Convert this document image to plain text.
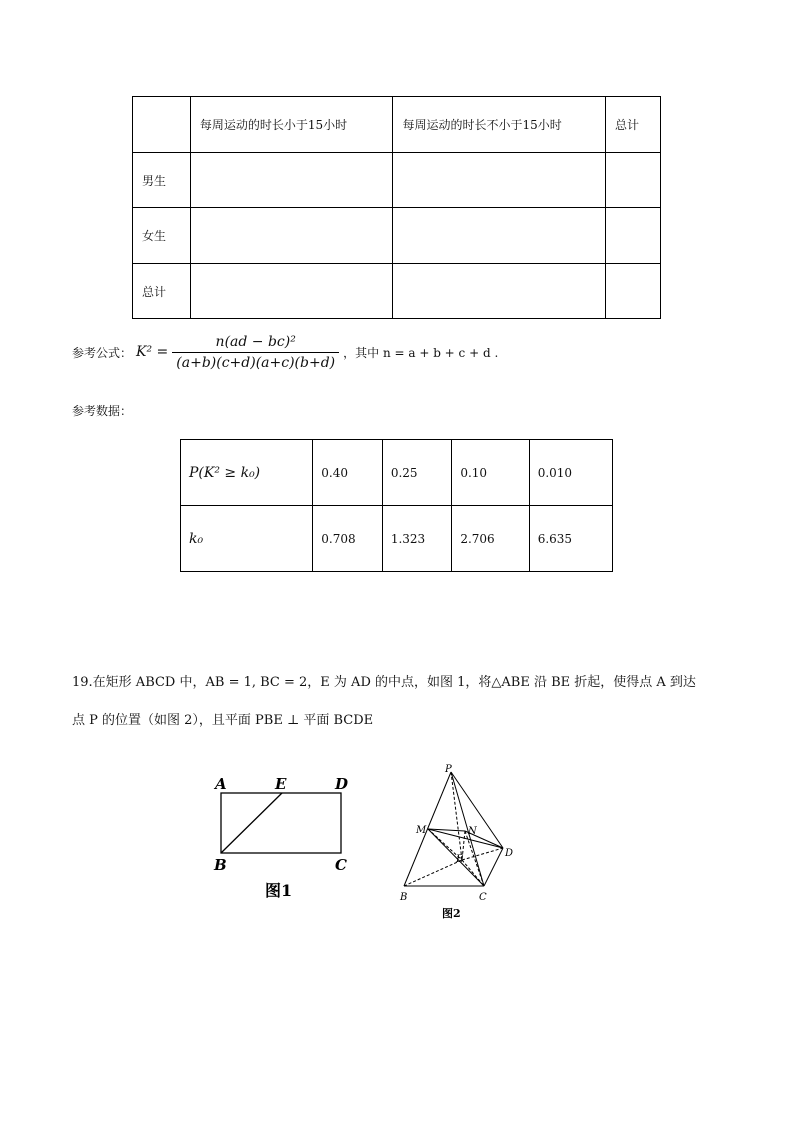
	每周运动的时长小于15小时	每周运动的时长不小于15小时	总计
男生			
女生			
总计			
参考公式： $K^2 = \frac{\text{n(ad − bc)²}}{(a+b)(c+d)(a+c)(b+d)}$ ，其中 n = a + b + c + d .
参考数据：
P(K² ≥ k₀)	0.40	0.25	0.10	0.010
k₀	0.708	1.323	2.706	6.635
19.在矩形 ABCD 中，AB = 1, BC = 2，E 为 AD 的中点，如图 1，将△ABE 沿 BE 折起，使得点 A 到达
点 P 的位置（如图 2），且平面 PBE ⊥ 平面 BCDE
A	E	D
B	C
图1
P
M	N
E
D
B	C
图2
